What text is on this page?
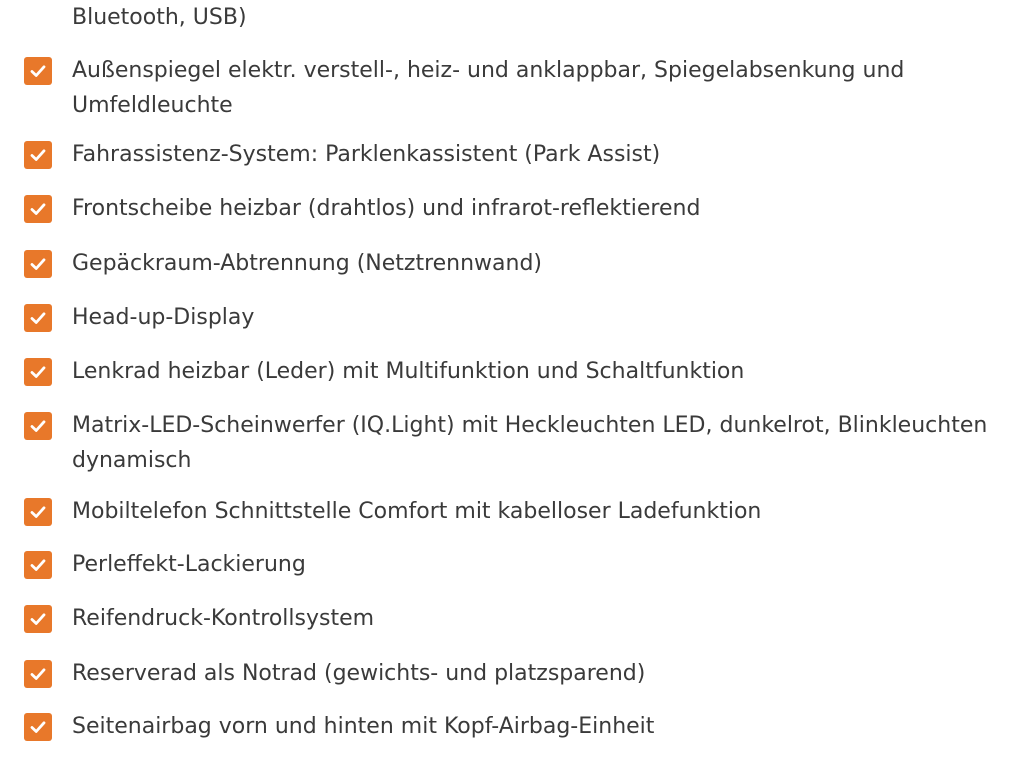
Bluetooth, USB)
Außenspiegel elektr. verstell-, heiz- und anklappbar, Spiegelabsenkung und Umfeldleuchte
Fahrassistenz-System: Parklenkassistent (Park Assist)
Frontscheibe heizbar (drahtlos) und infrarot-reflektierend
Gepäckraum-Abtrennung (Netztrennwand)
Head-up-Display
Lenkrad heizbar (Leder) mit Multifunktion und Schaltfunktion
Matrix-LED-Scheinwerfer (IQ.Light) mit Heckleuchten LED, dunkelrot, Blinkleuchten dynamisch
Mobiltelefon Schnittstelle Comfort mit kabelloser Ladefunktion
Perleffekt-Lackierung
Reifendruck-Kontrollsystem
Reserverad als Notrad (gewichts- und platzsparend)
Seitenairbag vorn und hinten mit Kopf-Airbag-Einheit
